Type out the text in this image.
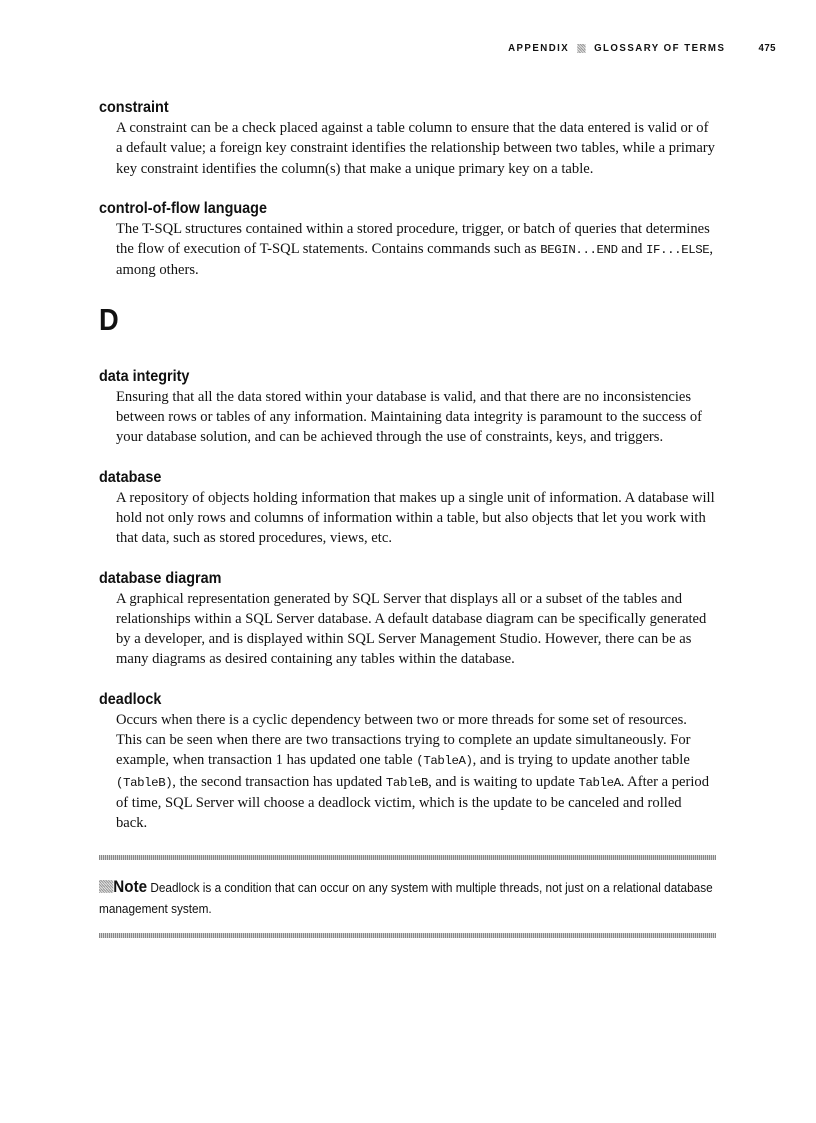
APPENDIX GLOSSARY OF TERMS	475

constraint

A constraint can be a check placed against a table column to ensure that the data entered is valid or of a default value; a foreign key constraint identifies the relationship between two tables, while a primary key constraint identifies the column(s) that make a unique primary key on a table.

control-of-flow language

The T-SQL structures contained within a stored procedure, trigger, or batch of queries that determines the flow of execution of T-SQL statements. Contains commands such as BEGIN...END and IF...ELSE, among others.

D

data integrity

Ensuring that all the data stored within your database is valid, and that there are no inconsistencies between rows or tables of any information. Maintaining data integrity is paramount to the success of your database solution, and can be achieved through the use of constraints, keys, and triggers.

database

A repository of objects holding information that makes up a single unit of information. A database will hold not only rows and columns of information within a table, but also objects that let you work with that data, such as stored procedures, views, etc.

database diagram

A graphical representation generated by SQL Server that displays all or a subset of the tables and relationships within a SQL Server database. A default database diagram can be specifically generated by a developer, and is displayed within SQL Server Management Studio. However, there can be as many diagrams as desired containing any tables within the database.

deadlock

Occurs when there is a cyclic dependency between two or more threads for some set of resources. This can be seen when there are two transactions trying to complete an update simultaneously. For example, when transaction 1 has updated one table (TableA), and is trying to update another table (TableB), the second transaction has updated TableB, and is waiting to update TableA. After a period of time, SQL Server will choose a deadlock victim, which is the update to be canceled and rolled back.

Note Deadlock is a condition that can occur on any system with multiple threads, not just on a relational database management system.
